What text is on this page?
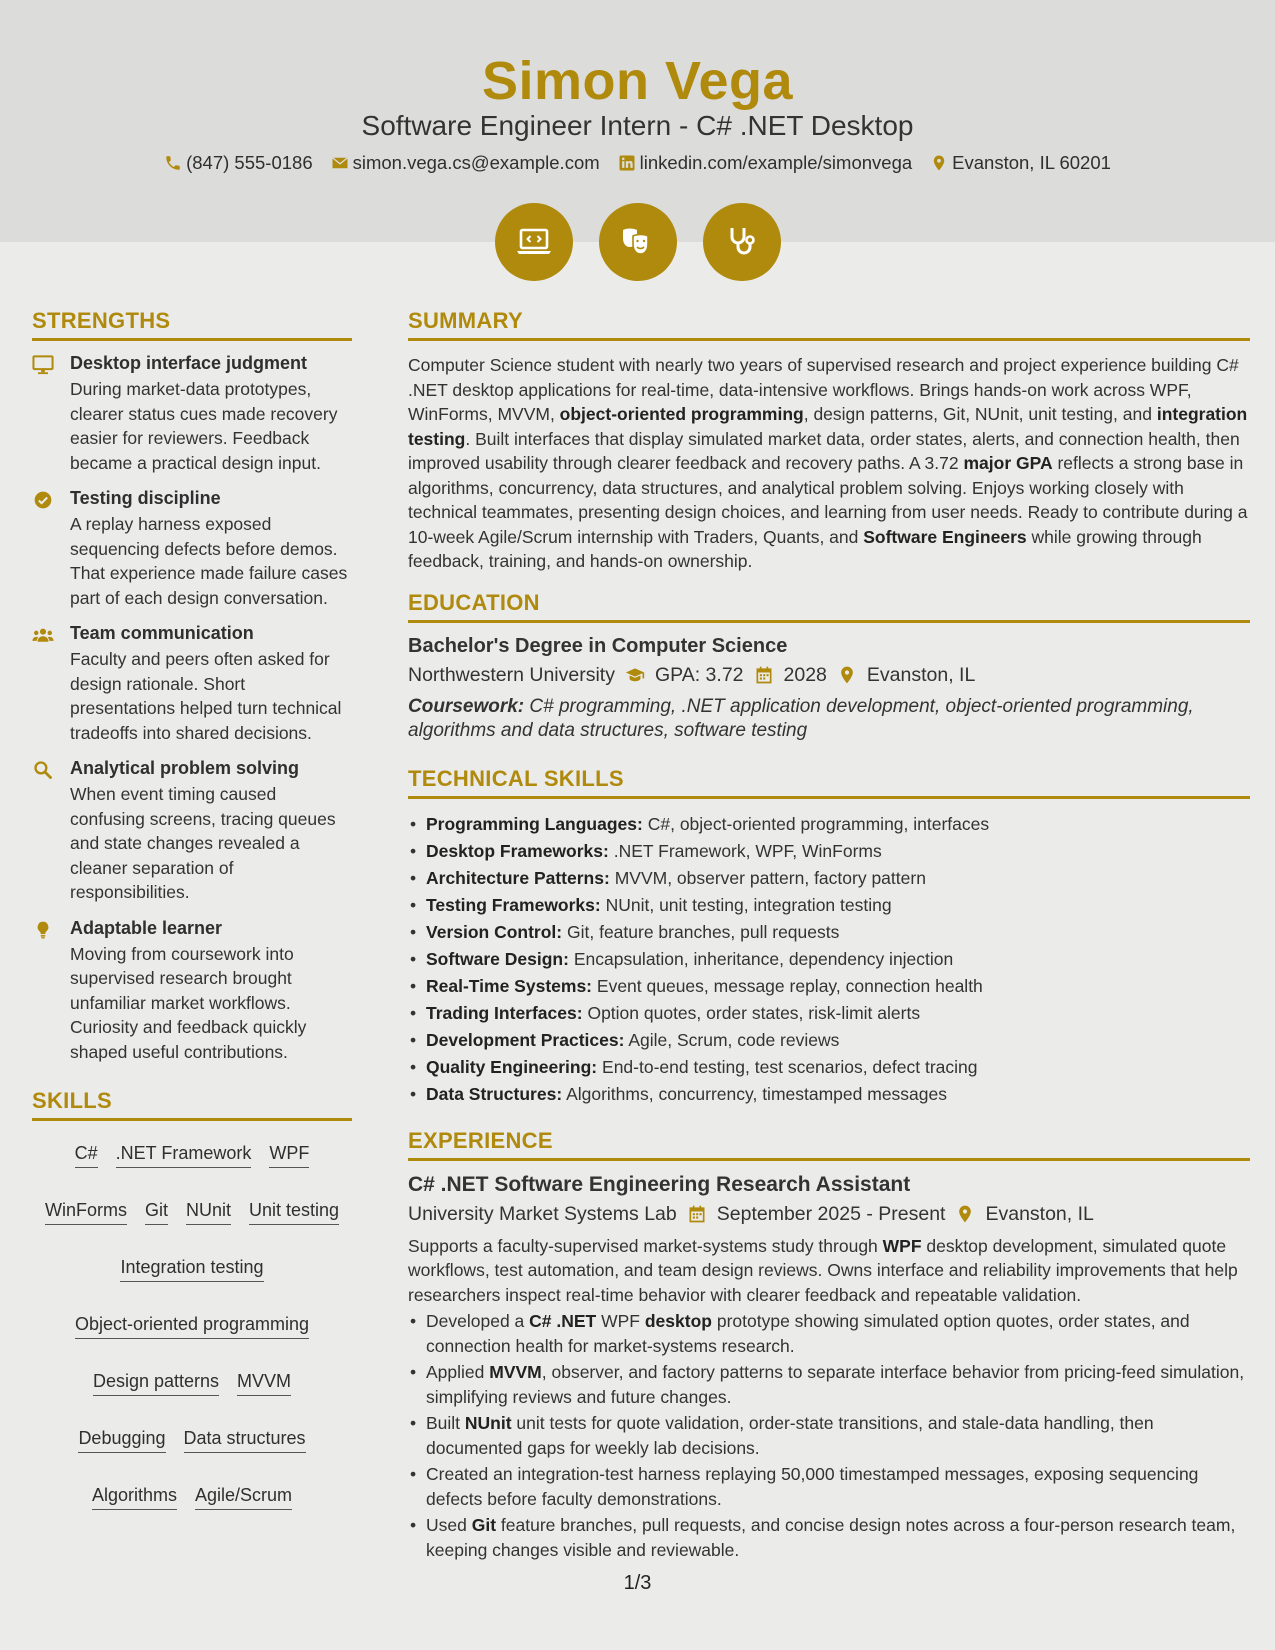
Simon Vega
Software Engineer Intern - C# .NET Desktop
(847) 555-0186 simon.vega.cs@example.com linkedin.com/example/simonvega Evanston, IL 60201
STRENGTHS
Desktop interface judgment

During market-data prototypes, clearer status cues made recovery easier for reviewers. Feedback became a practical design input.

Testing discipline

A replay harness exposed sequencing defects before demos. That experience made failure cases part of each design conversation.

Team communication

Faculty and peers often asked for design rationale. Short presentations helped turn technical tradeoffs into shared decisions.

Analytical problem solving

When event timing caused confusing screens, tracing queues and state changes revealed a cleaner separation of responsibilities.

Adaptable learner

Moving from coursework into supervised research brought unfamiliar market workflows. Curiosity and feedback quickly shaped useful contributions.

SKILLS
C# .NET Framework WPF
WinForms Git NUnit Unit testing
Integration testing
Object-oriented programming
Design patterns MVVM
Debugging Data structures
Algorithms Agile/Scrum
SUMMARY

Computer Science student with nearly two years of supervised research and project experience building C# .NET desktop applications for real-time, data-intensive workflows. Brings hands-on work across WPF, WinForms, MVVM, object-oriented programming, design patterns, Git, NUnit, unit testing, and integration testing. Built interfaces that display simulated market data, order states, alerts, and connection health, then improved usability through clearer feedback and recovery paths. A 3.72 major GPA reflects a strong base in algorithms, concurrency, data structures, and analytical problem solving. Enjoys working closely with technical teammates, presenting design choices, and learning from user needs. Ready to contribute during a 10-week Agile/Scrum internship with Traders, Quants, and Software Engineers while growing through feedback, training, and hands-on ownership.

EDUCATION
Bachelor's Degree in Computer Science
Northwestern University GPA: 3.72 2028 Evanston, IL

Coursework: C# programming, .NET application development, object-oriented programming, algorithms and data structures, software testing

TECHNICAL SKILLS
• Programming Languages: C#, object-oriented programming, interfaces
• Desktop Frameworks: .NET Framework, WPF, WinForms
• Architecture Patterns: MVVM, observer pattern, factory pattern
• Testing Frameworks: NUnit, unit testing, integration testing
• Version Control: Git, feature branches, pull requests
• Software Design: Encapsulation, inheritance, dependency injection
• Real-Time Systems: Event queues, message replay, connection health
• Trading Interfaces: Option quotes, order states, risk-limit alerts
• Development Practices: Agile, Scrum, code reviews
• Quality Engineering: End-to-end testing, test scenarios, defect tracing
• Data Structures: Algorithms, concurrency, timestamped messages
EXPERIENCE
C# .NET Software Engineering Research Assistant
University Market Systems Lab September 2025 - Present Evanston, IL

Supports a faculty-supervised market-systems study through WPF desktop development, simulated quote workflows, test automation, and team design reviews. Owns interface and reliability improvements that help researchers inspect real-time behavior with clearer feedback and repeatable validation.

• Developed a C# .NET WPF desktop prototype showing simulated option quotes, order states, and connection health for market-systems research.
• Applied MVVM, observer, and factory patterns to separate interface behavior from pricing-feed simulation, simplifying reviews and future changes.
• Built NUnit unit tests for quote validation, order-state transitions, and stale-data handling, then documented gaps for weekly lab decisions.
• Created an integration-test harness replaying 50,000 timestamped messages, exposing sequencing defects before faculty demonstrations.
• Used Git feature branches, pull requests, and concise design notes across a four-person research team, keeping changes visible and reviewable.
1/3
